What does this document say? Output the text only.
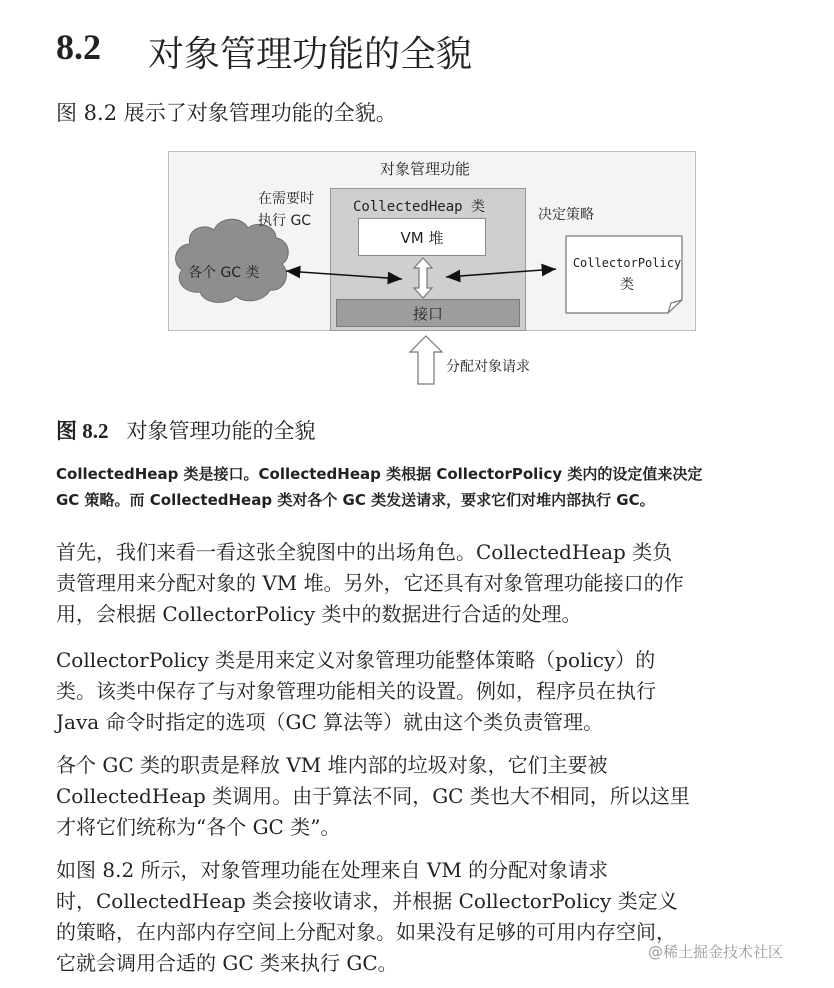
8.2 对象管理功能的全貌
图 8.2 展示了对象管理功能的全貌。
对象管理功能
CollectedHeap 类
VM 堆
接口
在需要时
执行 GC
各个 GC 类
决定策略
CollectorPolicy
类
分配对象请求
图 8.2 对象管理功能的全貌

CollectedHeap 类是接口。CollectedHeap 类根据 CollectorPolicy 类内的设定值来决定

GC 策略。而 CollectedHeap 类对各个 GC 类发送请求，要求它们对堆内部执行 GC。

首先，我们来看一看这张全貌图中的出场角色。CollectedHeap 类负

责管理用来分配对象的 VM 堆。另外，它还具有对象管理功能接口的作

用，会根据 CollectorPolicy 类中的数据进行合适的处理。

CollectorPolicy 类是用来定义对象管理功能整体策略（policy）的

类。该类中保存了与对象管理功能相关的设置。例如，程序员在执行

Java 命令时指定的选项（GC 算法等）就由这个类负责管理。

各个 GC 类的职责是释放 VM 堆内部的垃圾对象，它们主要被

CollectedHeap 类调用。由于算法不同，GC 类也大不相同，所以这里

才将它们统称为“各个 GC 类”。

如图 8.2 所示，对象管理功能在处理来自 VM 的分配对象请求

时，CollectedHeap 类会接收请求，并根据 CollectorPolicy 类定义

的策略，在内部内存空间上分配对象。如果没有足够的可用内存空间，

它就会调用合适的 GC 类来执行 GC。	@稀土掘金技术社区
